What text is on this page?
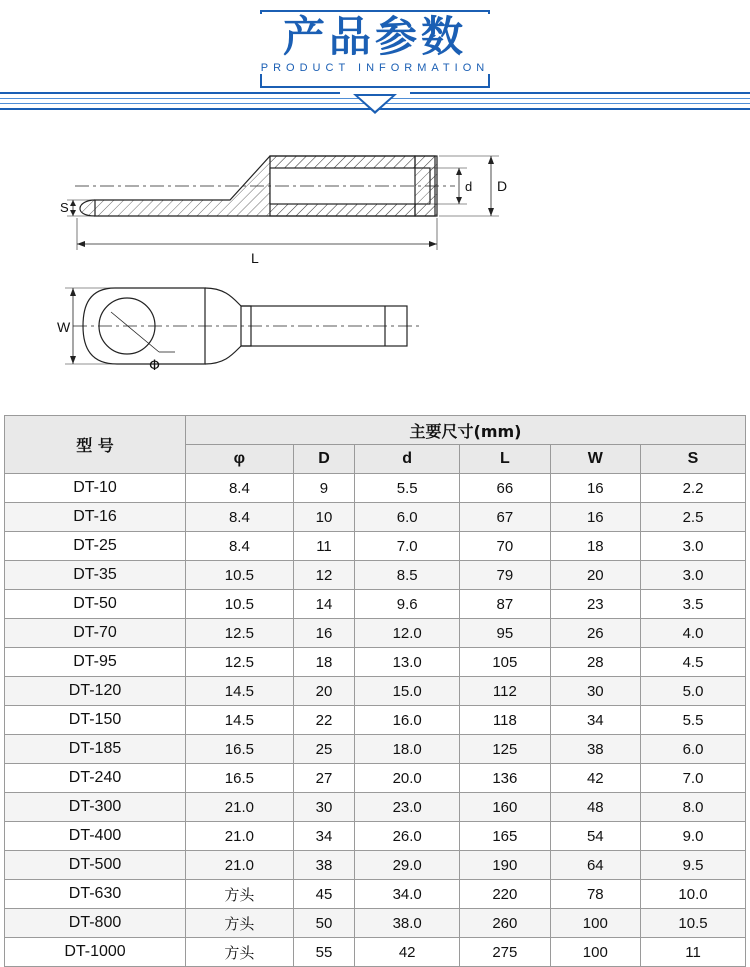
产品参数
PRODUCT INFORMATION
S
L
d D
W
Φ
型 号	主要尺寸(mm)					
	φ	D	d	L	W	S
DT-10	8.4	9	5.5	66	16	2.2
DT-16	8.4	10	6.0	67	16	2.5
DT-25	8.4	11	7.0	70	18	3.0
DT-35	10.5	12	8.5	79	20	3.0
DT-50	10.5	14	9.6	87	23	3.5
DT-70	12.5	16	12.0	95	26	4.0
DT-95	12.5	18	13.0	105	28	4.5
DT-120	14.5	20	15.0	112	30	5.0
DT-150	14.5	22	16.0	118	34	5.5
DT-185	16.5	25	18.0	125	38	6.0
DT-240	16.5	27	20.0	136	42	7.0
DT-300	21.0	30	23.0	160	48	8.0
DT-400	21.0	34	26.0	165	54	9.0
DT-500	21.0	38	29.0	190	64	9.5
DT-630	方头	45	34.0	220	78	10.0
DT-800	方头	50	38.0	260	100	10.5
DT-1000	方头	55	42	275	100	11
